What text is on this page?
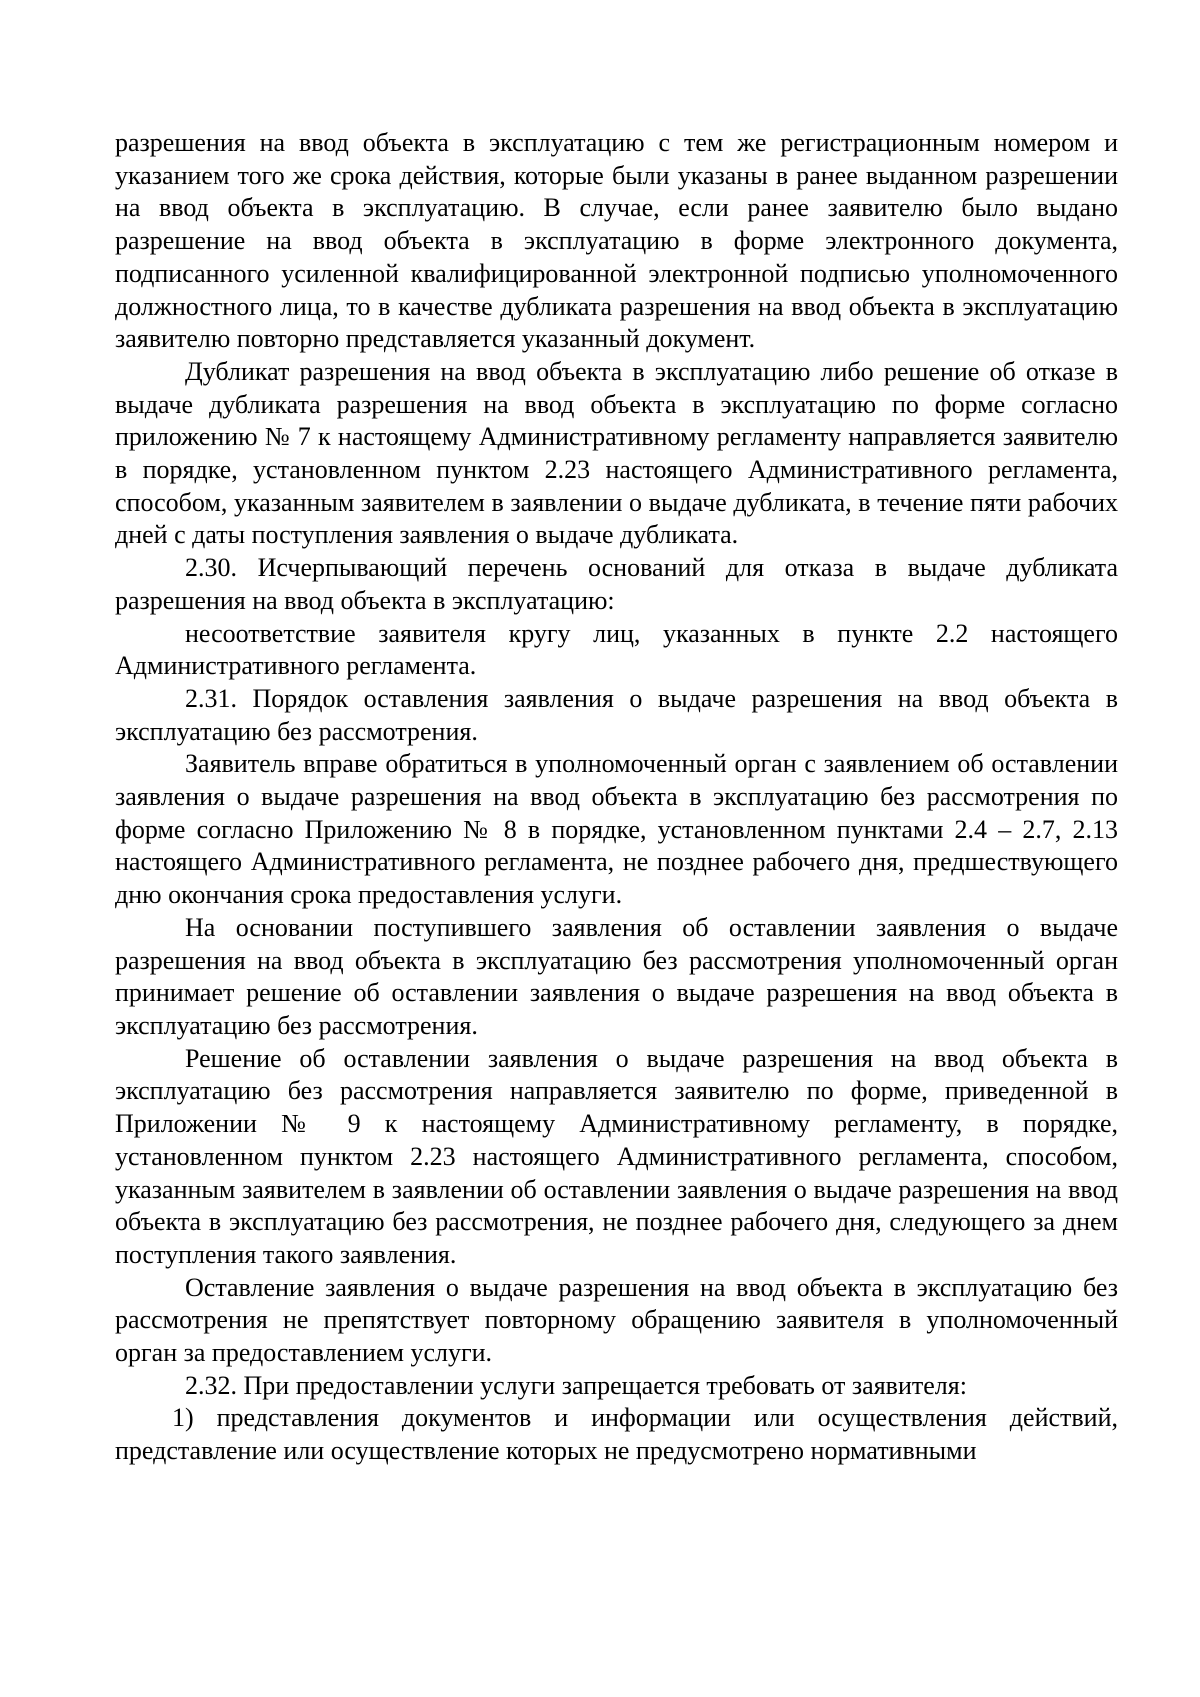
разрешения на ввод объекта в эксплуатацию с тем же регистрационным номером и указанием того же срока действия, которые были указаны в ранее выданном разрешении на ввод объекта в эксплуатацию. В случае, если ранее заявителю было выдано разрешение на ввод объекта в эксплуатацию в форме электронного документа, подписанного усиленной квалифицированной электронной подписью уполномоченного должностного лица, то в качестве дубликата разрешения на ввод объекта в эксплуатацию заявителю повторно представляется указанный документ.

Дубликат разрешения на ввод объекта в эксплуатацию либо решение об отказе в выдаче дубликата разрешения на ввод объекта в эксплуатацию по форме согласно приложению № 7 к настоящему Административному регламенту направляется заявителю в порядке, установленном пунктом 2.23 настоящего Административного регламента, способом, указанным заявителем в заявлении о выдаче дубликата, в течение пяти рабочих дней с даты поступления заявления о выдаче дубликата.

2.30. Исчерпывающий перечень оснований для отказа в выдаче дубликата разрешения на ввод объекта в эксплуатацию:

несоответствие заявителя кругу лиц, указанных в пункте 2.2 настоящего Административного регламента.

2.31. Порядок оставления заявления о выдаче разрешения на ввод объекта в эксплуатацию без рассмотрения.

Заявитель вправе обратиться в уполномоченный орган с заявлением об оставлении заявления о выдаче разрешения на ввод объекта в эксплуатацию без рассмотрения по форме согласно Приложению № 8 в порядке, установленном пунктами 2.4 – 2.7, 2.13 настоящего Административного регламента, не позднее рабочего дня, предшествующего дню окончания срока предоставления услуги.

На основании поступившего заявления об оставлении заявления о выдаче разрешения на ввод объекта в эксплуатацию без рассмотрения уполномоченный орган принимает решение об оставлении заявления о выдаче разрешения на ввод объекта в эксплуатацию без рассмотрения.

Решение об оставлении заявления о выдаче разрешения на ввод объекта в эксплуатацию без рассмотрения направляется заявителю по форме, приведенной в Приложении № 9 к настоящему Административному регламенту, в порядке, установленном пунктом 2.23 настоящего Административного регламента, способом, указанным заявителем в заявлении об оставлении заявления о выдаче разрешения на ввод объекта в эксплуатацию без рассмотрения, не позднее рабочего дня, следующего за днем поступления такого заявления.

Оставление заявления о выдаче разрешения на ввод объекта в эксплуатацию без рассмотрения не препятствует повторному обращению заявителя в уполномоченный орган за предоставлением услуги.

2.32. При предоставлении услуги запрещается требовать от заявителя:

1) представления документов и информации или осуществления действий, представление или осуществление которых не предусмотрено нормативными
